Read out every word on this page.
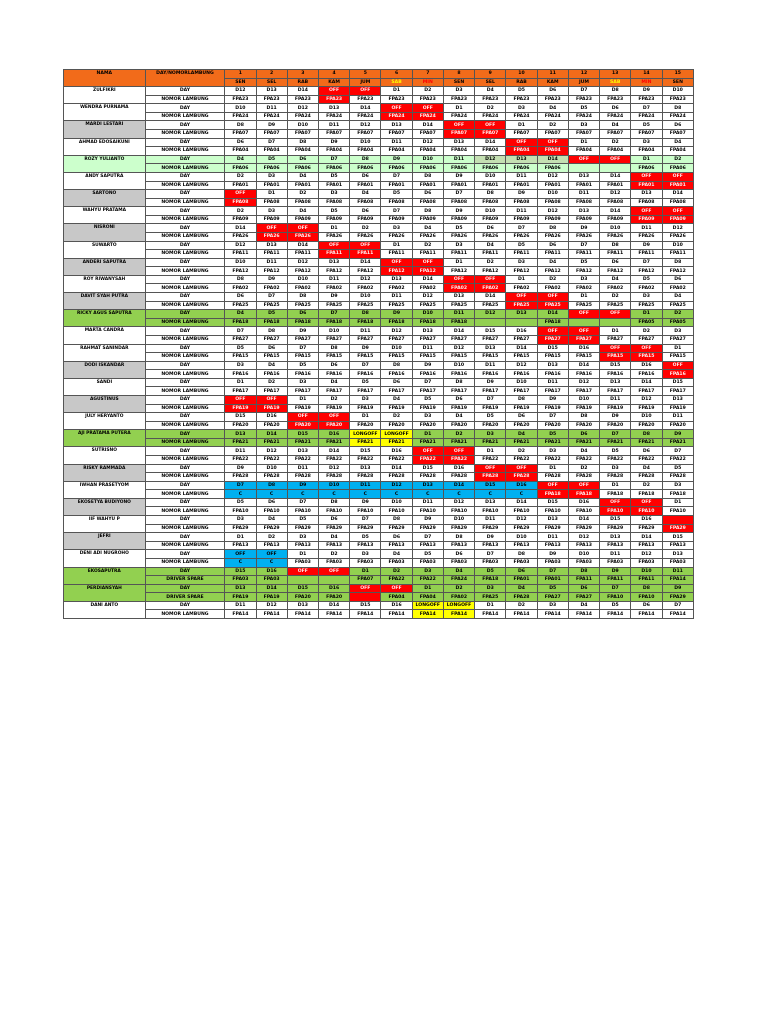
NAMA	DAY/NOMORLAMBUNG	1	2	3	4	5	6	7	8	9	10	11	12	13	14	15
		SEN	SEL	RAB	KAM	JUM	SAB	MIN	SEN	SEL	RAB	KAM	JUM	SAB	MIN	SEN
ZULFIKRI	DAY	D12	D13	D14	OFF	OFF	D1	D2	D3	D4	D5	D6	D7	D8	D9	D10
	NOMOR LAMBUNG	FPA23	FPA23	FPA23	FPA23	FPA23	FPA23	FPA23	FPA23	FPA23	FPA23	FPA23	FPA23	FPA23	FPA23	FPA23
WENDRA PURNAMA	DAY	D10	D11	D12	D13	D14	OFF	OFF	D1	D2	D3	D4	D5	D6	D7	D8
	NOMOR LAMBUNG	FPA24	FPA24	FPA24	FPA24	FPA24	FPA24	FPA24	FPA24	FPA24	FPA24	FPA24	FPA24	FPA24	FPA24	FPA24
MARDI LESTARI	DAY	D8	D9	D10	D11	D12	D13	D14	OFF	OFF	D1	D2	D3	D4	D5	D6
	NOMOR LAMBUNG	FPA07	FPA07	FPA07	FPA07	FPA07	FPA07	FPA07	FPA07	FPA07	FPA07	FPA07	FPA07	FPA07	FPA07	FPA07
AHMAD EDOSAIKUNI	DAY	D6	D7	D8	D9	D10	D11	D12	D13	D14	OFF	OFF	D1	D2	D3	D4
	NOMOR LAMBUNG	FPA04	FPA04	FPA04	FPA04	FPA04	FPA04	FPA04	FPA04	FPA04	FPA04	FPA04	FPA04	FPA04	FPA04	FPA04
ROZY YULIANTO	DAY	D4	D5	D6	D7	D8	D9	D10	D11	D12	D13	D14	OFF	OFF	D1	D2
	NOMOR LAMBUNG	FPA06	FPA06	FPA06	FPA06	FPA06	FPA06	FPA06	FPA06	FPA06	FPA06	FPA06			FPA06	FPA06
ANDY SAPUTRA	DAY	D2	D3	D4	D5	D6	D7	D8	D9	D10	D11	D12	D13	D14	OFF	OFF
	NOMOR LAMBUNG	FPA01	FPA01	FPA01	FPA01	FPA01	FPA01	FPA01	FPA01	FPA01	FPA01	FPA01	FPA01	FPA01	FPA01	FPA01
SARTONO	DAY	OFF	D1	D2	D3	D4	D5	D6	D7	D8	D9	D10	D11	D12	D13	D14
	NOMOR LAMBUNG	FPA08	FPA08	FPA08	FPA08	FPA08	FPA08	FPA08	FPA08	FPA08	FPA08	FPA08	FPA08	FPA08	FPA08	FPA08
WAHYU PRATAMA	DAY	D2	D3	D4	D5	D6	D7	D8	D9	D10	D11	D12	D13	D14	OFF	OFF
	NOMOR LAMBUNG	FPA09	FPA09	FPA09	FPA09	FPA09	FPA09	FPA09	FPA09	FPA09	FPA09	FPA09	FPA09	FPA09	FPA09	FPA09
NISRONI	DAY	D14	OFF	OFF	D1	D2	D3	D4	D5	D6	D7	D8	D9	D10	D11	D12
	NOMOR LAMBUNG	FPA26	FPA26	FPA26	FPA26	FPA26	FPA26	FPA26	FPA26	FPA26	FPA26	FPA26	FPA26	FPA26	FPA26	FPA26
SUWARTO	DAY	D12	D13	D14	OFF	OFF	D1	D2	D3	D4	D5	D6	D7	D8	D9	D10
	NOMOR LAMBUNG	FPA11	FPA11	FPA11	FPA11	FPA11	FPA11	FPA11	FPA11	FPA11	FPA11	FPA11	FPA11	FPA11	FPA11	FPA11
ANDERI SAPUTRA	DAY	D10	D11	D12	D13	D14	OFF	OFF	D1	D2	D3	D4	D5	D6	D7	D8
	NOMOR LAMBUNG	FPA12	FPA12	FPA12	FPA12	FPA12	FPA12	FPA12	FPA12	FPA12	FPA12	FPA12	FPA12	FPA12	FPA12	FPA12
ROY RIWANYSAH	DAY	D8	D9	D10	D11	D12	D13	D14	OFF	OFF	D1	D2	D3	D4	D5	D6
	NOMOR LAMBUNG	FPA02	FPA02	FPA02	FPA02	FPA02	FPA02	FPA02	FPA02	FPA02	FPA02	FPA02	FPA02	FPA02	FPA02	FPA02
DAVIT SYAH PUTRA	DAY	D6	D7	D8	D9	D10	D11	D12	D13	D14	OFF	OFF	D1	D2	D3	D4
	NOMOR LAMBUNG	FPA25	FPA25	FPA25	FPA25	FPA25	FPA25	FPA25	FPA25	FPA25	FPA25	FPA25	FPA25	FPA25	FPA25	FPA25
RICKY AGUS SAPUTRA	DAY	D4	D5	D6	D7	D8	D9	D10	D11	D12	D13	D14	OFF	OFF	D1	D2
	NOMOR LAMBUNG	FPA18	FPA18	FPA18	FPA18	FPA18	FPA18	FPA18	FPA18			FPA18			FPA05	FPA05
MARTA CANDRA	DAY	D7	D8	D9	D10	D11	D12	D13	D14	D15	D16	OFF	OFF	D1	D2	D3
	NOMOR LAMBUNG	FPA27	FPA27	FPA27	FPA27	FPA27	FPA27	FPA27	FPA27	FPA27	FPA27	FPA27	FPA27	FPA27	FPA27	FPA27
RAHMAT SANINDAR	DAY	D5	D6	D7	D8	D9	D10	D11	D12	D13	D14	D15	D16	OFF	OFF	D1
	NOMOR LAMBUNG	FPA15	FPA15	FPA15	FPA15	FPA15	FPA15	FPA15	FPA15	FPA15	FPA15	FPA15	FPA15	FPA15	FPA15	FPA15
DODI ISKANDAR	DAY	D3	D4	D5	D6	D7	D8	D9	D10	D11	D12	D13	D14	D15	D16	OFF
	NOMOR LAMBUNG	FPA16	FPA16	FPA16	FPA16	FPA16	FPA16	FPA16	FPA16	FPA16	FPA16	FPA16	FPA16	FPA16	FPA16	FPA16
SANDI	DAY	D1	D2	D3	D4	D5	D6	D7	D8	D9	D10	D11	D12	D13	D14	D15
	NOMOR LAMBUNG	FPA17	FPA17	FPA17	FPA17	FPA17	FPA17	FPA17	FPA17	FPA17	FPA17	FPA17	FPA17	FPA17	FPA17	FPA17
AGUSTINUS	DAY	OFF	OFF	D1	D2	D3	D4	D5	D6	D7	D8	D9	D10	D11	D12	D13
	NOMOR LAMBUNG	FPA19	FPA19	FPA19	FPA19	FPA19	FPA19	FPA19	FPA19	FPA19	FPA19	FPA19	FPA19	FPA19	FPA19	FPA19
JULY HERYANTO	DAY	D15	D16	OFF	OFF	D1	D2	D3	D4	D5	D6	D7	D8	D9	D10	D11
	NOMOR LAMBUNG	FPA20	FPA20	FPA20	FPA20	FPA20	FPA20	FPA20	FPA20	FPA20	FPA20	FPA20	FPA20	FPA20	FPA20	FPA20
AJI PRATAMA PUTERA	DAY	D13	D14	D15	D16	LONGOFF	LONGOFF	D1	D2	D3	D4	D5	D6	D7	D8	D9
	NOMOR LAMBUNG	FPA21	FPA21	FPA21	FPA21	FPA21	FPA21	FPA21	FPA21	FPA21	FPA21	FPA21	FPA21	FPA21	FPA21	FPA21
SUTRISNO	DAY	D11	D12	D13	D14	D15	D16	OFF	OFF	D1	D2	D3	D4	D5	D6	D7
	NOMOR LAMBUNG	FPA22	FPA22	FPA22	FPA22	FPA22	FPA22	FPA22	FPA22	FPA22	FPA22	FPA22	FPA22	FPA22	FPA22	FPA22
RISKY RAMMADA	DAY	D9	D10	D11	D12	D13	D14	D15	D16	OFF	OFF	D1	D2	D3	D4	D5
	NOMOR LAMBUNG	FPA28	FPA28	FPA28	FPA28	FPA28	FPA28	FPA28	FPA28	FPA28	FPA28	FPA28	FPA28	FPA28	FPA28	FPA28
IWHAN PRASETYOM	DAY	D7	D8	D9	D10	D11	D12	D13	D14	D15	D16	OFF	OFF	D1	D2	D3
	NOMOR LAMBUNG	C	C	C	C	C	C	C	C	C	C	FPA18	FPA18	FPA18	FPA18	FPA18
EKOSETYA BUDIYONO	DAY	D5	D6	D7	D8	D9	D10	D11	D12	D13	D14	D15	D16	OFF	OFF	D1
	NOMOR LAMBUNG	FPA10	FPA10	FPA10	FPA10	FPA10	FPA10	FPA10	FPA10	FPA10	FPA10	FPA10	FPA10	FPA10	FPA10	FPA10
IIF WAHYU P	DAY	D3	D4	D5	D6	D7	D8	D9	D10	D11	D12	D13	D14	D15	D16	
	NOMOR LAMBUNG	FPA29	FPA29	FPA29	FPA29	FPA29	FPA29	FPA29	FPA29	FPA29	FPA29	FPA29	FPA29	FPA29	FPA29	FPA29
JEFRI	DAY	D1	D2	D3	D4	D5	D6	D7	D8	D9	D10	D11	D12	D13	D14	D15
	NOMOR LAMBUNG	FPA13	FPA13	FPA13	FPA13	FPA13	FPA13	FPA13	FPA13	FPA13	FPA13	FPA13	FPA13	FPA13	FPA13	FPA13
DENI ADI NUGROHO	DAY	OFF	OFF	D1	D2	D3	D4	D5	D6	D7	D8	D9	D10	D11	D12	D13
	NOMOR LAMBUNG	C	C	FPA03	FPA03	FPA03	FPA03	FPA03	FPA03	FPA03	FPA03	FPA03	FPA03	FPA03	FPA03	FPA03
EKOSAPUTRA	DAY	D15	D16	OFF	OFF	D1	D2	D3	D4	D5	D6	D7	D8	D9	D10	D11
	DRIVER SPARE	FPA03	FPA03			FPA07	FPA22	FPA22	FPA24	FPA18	FPA01	FPA01	FPA11	FPA11	FPA11	FPA14
PERDIANSYAH	DAY	D13	D14	D15	D16	OFF	OFF	D1	D2	D3	D4	D5	D6	D7	D8	D9
	DRIVER SPARE	FPA19	FPA19	FPA20	FPA20		FPA04	FPA04	FPA02	FPA25	FPA28	FPA27	FPA27	FPA10	FPA10	FPA29
DANI ANTO	DAY	D11	D12	D13	D14	D15	D16	LONGOFF	LONGOFF	D1	D2	D3	D4	D5	D6	D7
	NOMOR LAMBUNG	FPA14	FPA14	FPA14	FPA14	FPA14	FPA14	FPA14	FPA14	FPA14	FPA14	FPA14	FPA14	FPA14	FPA14	FPA14
